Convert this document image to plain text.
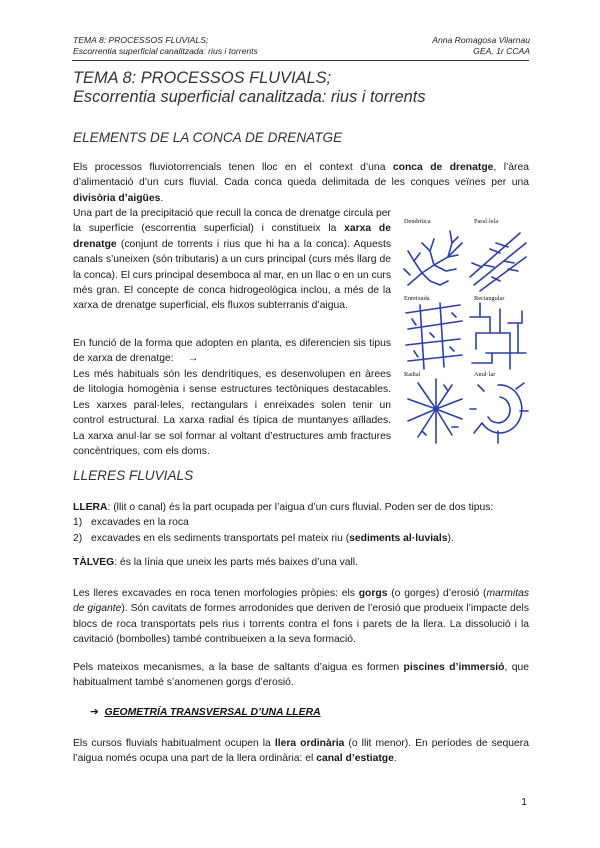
TEMA 8: PROCESSOS FLUVIALS;
Escorrentia superficial canalitzada: rius i torrents
Anna Romagosa Vilarnau
GEA, 1r CCAA
TEMA 8: PROCESSOS FLUVIALS;
Escorrentia superficial canalitzada: rius i torrents
ELEMENTS DE LA CONCA DE DRENATGE
Els processos fluviotorrencials tenen lloc en el context d’una conca de drenatge, l’àrea d’alimentació d’un curs fluvial. Cada conca queda delimitada de les conques veïnes per una divisòria d’aigües.
Una part de la precipitació que recull la conca de drenatge circula per la superfície (escorrentia superficial) i constitueix la xarxa de drenatge (conjunt de torrents i rius que hi ha a la conca). Aquests canals s’uneixen (són tributaris) a un curs principal (curs més llarg de la conca). El curs principal desemboca al mar, en un llac o en un curs més gran. El concepte de conca hidrogeològica inclou, a més de la xarxa de drenatge superficial, els fluxos subterranis d’aigua.
En funció de la forma que adopten en planta, es diferencien sis tipus de xarxa de drenatge: →
Les més habituals són les dendrítiques, es desenvolupen en àrees de litologia homogènia i sense estructures tectòniques destacables. Les xarxes paral·leles, rectangulars i enreixades solen tenir un control estructural. La xarxa radial és típica de muntanyes aïllades. La xarxa anul·lar se sol formar al voltant d’estructures amb fractures concèntriques, com els doms.
Dendrítica	Paral·lela
Enreixada	Rectangular
Radial	Anul·lar
LLERES FLUVIALS
LLERA: (llit o canal) és la part ocupada per l’aigua d’un curs fluvial. Poden ser de dos tipus:
1) excavades en la roca
2) excavades en els sediments transportats pel mateix riu (sediments al·luvials).
TÀLVEG: és la línia que uneix les parts més baixes d’una vall.
Les lleres excavades en roca tenen morfologies pròpies: els gorgs (o gorges) d’erosió (marmitas de gigante). Són cavitats de formes arrodonides que deriven de l’erosió que produeix l’impacte dels blocs de roca transportats pels rius i torrents contra el fons i parets de la llera. La dissolució i la cavitació (bombolles) també contribueixen a la seva formació.
Pels mateixos mecanismes, a la base de saltants d’aigua es formen piscines d’immersió, que habitualment també s’anomenen gorgs d’erosió.
➔ GEOMETRÍA TRANSVERSAL D’UNA LLERA
Els cursos fluvials habitualment ocupen la llera ordinària (o llit menor). En períodes de sequera l’aigua només ocupa una part de la llera ordinària: el canal d’estiatge.
1
